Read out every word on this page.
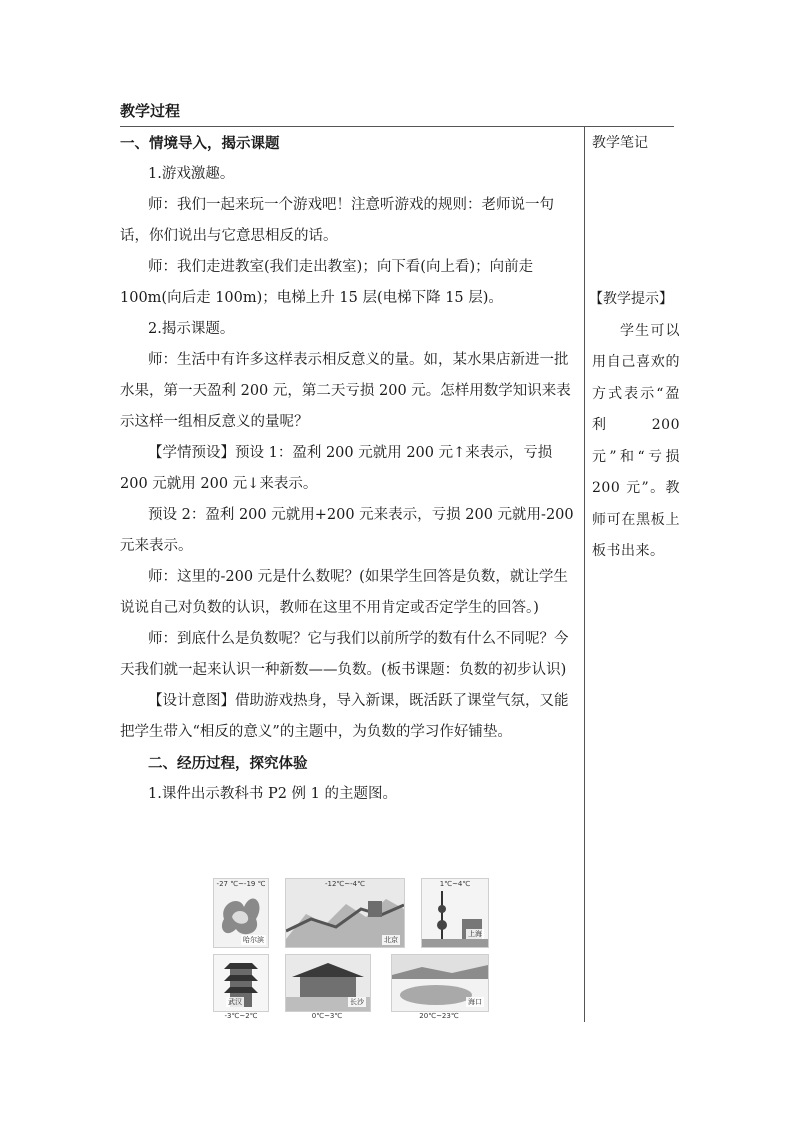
教学过程

一、情境导入，揭示课题

1.游戏激趣。

师：我们一起来玩一个游戏吧！注意听游戏的规则：老师说一句话，你们说出与它意思相反的话。

师：我们走进教室(我们走出教室)；向下看(向上看)；向前走100m(向后走 100m)；电梯上升 15 层(电梯下降 15 层)。

2.揭示课题。

师：生活中有许多这样表示相反意义的量。如，某水果店新进一批水果，第一天盈利 200 元，第二天亏损 200 元。怎样用数学知识来表示这样一组相反意义的量呢？

【学情预设】预设 1：盈利 200 元就用 200 元↑来表示，亏损 200 元就用 200 元↓来表示。

预设 2：盈利 200 元就用+200 元来表示，亏损 200 元就用-200 元来表示。

师：这里的-200 元是什么数呢？(如果学生回答是负数，就让学生说说自己对负数的认识，教师在这里不用肯定或否定学生的回答。)

师：到底什么是负数呢？它与我们以前所学的数有什么不同呢？今天我们就一起来认识一种新数——负数。(板书课题：负数的初步认识)

【设计意图】借助游戏热身，导入新课，既活跃了课堂气氛，又能把学生带入“相反的意义”的主题中，为负数的学习作好铺垫。

二、经历过程，探究体验

1.课件出示教科书 P2 例 1 的主题图。

教学笔记
【教学提示】
学生可以用自己喜欢的方式表示“盈利 200 元”和“亏损 200 元”。教师可在黑板上板书出来。
-27 ℃~-19 ℃
哈尔滨
-12℃~-4℃
北京
1℃~4℃
上海
武汉
-3℃~2℃
长沙
0℃~3℃
海口
20℃~23℃
